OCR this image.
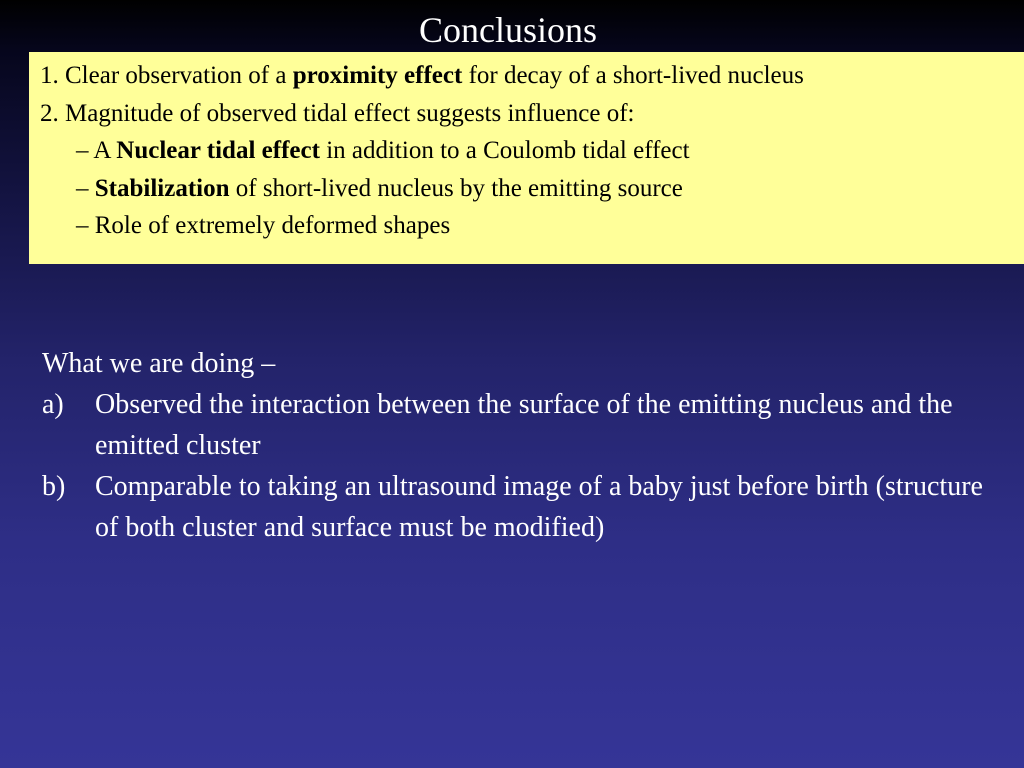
Conclusions
1. Clear observation of a proximity effect for decay of a short-lived nucleus
2. Magnitude of observed tidal effect suggests influence of:
– A Nuclear tidal effect in addition to a Coulomb tidal effect
– Stabilization of short-lived nucleus by the emitting source
– Role of extremely deformed shapes
What we are doing –
a) Observed the interaction between the surface of the emitting nucleus and the emitted cluster
b) Comparable to taking an ultrasound image of a baby just before birth (structure of both cluster and surface must be modified)
